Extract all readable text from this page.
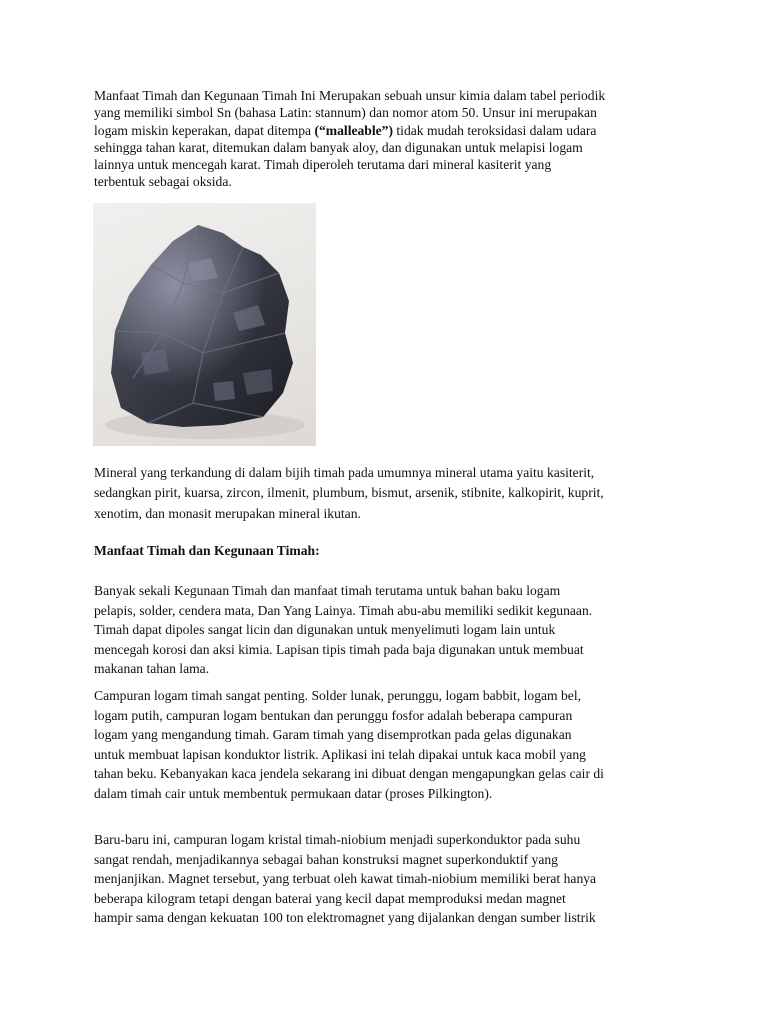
Manfaat Timah dan Kegunaan Timah Ini Merupakan sebuah unsur kimia dalam tabel periodik
yang memiliki simbol Sn (bahasa Latin: stannum) dan nomor atom 50. Unsur ini merupakan
logam miskin keperakan, dapat ditempa (“malleable”) tidak mudah teroksidasi dalam udara
sehingga tahan karat, ditemukan dalam banyak aloy, dan digunakan untuk melapisi logam
lainnya untuk mencegah karat. Timah diperoleh terutama dari mineral kasiterit yang
terbentuk sebagai oksida.

Mineral yang terkandung di dalam bijih timah pada umumnya mineral utama yaitu kasiterit,
sedangkan pirit, kuarsa, zircon, ilmenit, plumbum, bismut, arsenik, stibnite, kalkopirit, kuprit,
xenotim, dan monasit merupakan mineral ikutan.

Manfaat Timah dan Kegunaan Timah:

Banyak sekali Kegunaan Timah dan manfaat timah terutama untuk bahan baku logam
pelapis, solder, cendera mata, Dan Yang Lainya. Timah abu-abu memiliki sedikit kegunaan.
Timah dapat dipoles sangat licin dan digunakan untuk menyelimuti logam lain untuk
mencegah korosi dan aksi kimia. Lapisan tipis timah pada baja digunakan untuk membuat
makanan tahan lama.

Campuran logam timah sangat penting. Solder lunak, perunggu, logam babbit, logam bel,
logam putih, campuran logam bentukan dan perunggu fosfor adalah beberapa campuran
logam yang mengandung timah. Garam timah yang disemprotkan pada gelas digunakan
untuk membuat lapisan konduktor listrik. Aplikasi ini telah dipakai untuk kaca mobil yang
tahan beku. Kebanyakan kaca jendela sekarang ini dibuat dengan mengapungkan gelas cair di
dalam timah cair untuk membentuk permukaan datar (proses Pilkington).

Baru-baru ini, campuran logam kristal timah-niobium menjadi superkonduktor pada suhu
sangat rendah, menjadikannya sebagai bahan konstruksi magnet superkonduktif yang
menjanjikan. Magnet tersebut, yang terbuat oleh kawat timah-niobium memiliki berat hanya
beberapa kilogram tetapi dengan baterai yang kecil dapat memproduksi medan magnet
hampir sama dengan kekuatan 100 ton elektromagnet yang dijalankan dengan sumber listrik
